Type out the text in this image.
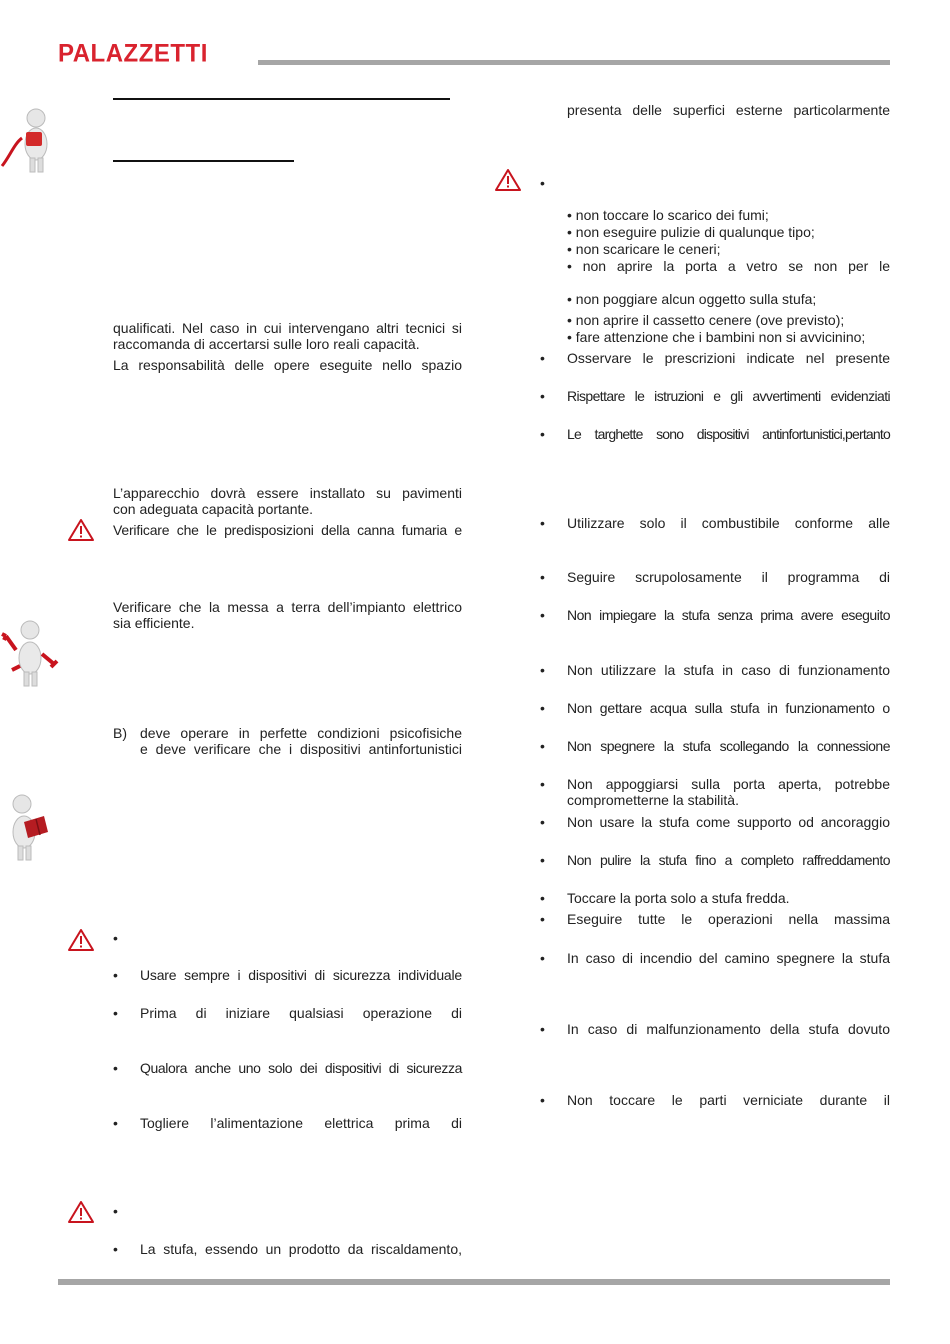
PALAZZETTI
qualificati. Nel caso in cui intervengano altri tecnici si
raccomanda di accertarsi sulle loro reali capacità.
La responsabilità delle opere eseguite nello spazio
L’apparecchio dovrà essere installato su pavimenti
con adeguata capacità portante.
Verificare che le predisposizioni della canna fumaria e
Verificare che la messa a terra dell’impianto elettrico
sia efficiente.
B) deve operare in perfette condizioni psicofisiche
e deve verificare che i dispositivi antinfortunistici
•
•	Usare sempre i dispositivi di sicurezza individuale
•	Prima di iniziare qualsiasi operazione di
•	Qualora anche uno solo dei dispositivi di sicurezza
•	Togliere l’alimentazione elettrica prima di
•
•	La stufa, essendo un prodotto da riscaldamento,
presenta delle superfici esterne particolarmente
•
• non toccare lo scarico dei fumi;
• non eseguire pulizie di qualunque tipo;
• non scaricare le ceneri;
• non aprire la porta a vetro se non per le
• non poggiare alcun oggetto sulla stufa;
• non aprire il cassetto cenere (ove previsto);
• fare attenzione che i bambini non si avvicinino;
•	Osservare le prescrizioni indicate nel presente
•	Rispettare le istruzioni e gli avvertimenti evidenziati
•	Le targhette sono dispositivi antinfortunistici,pertanto
•	Utilizzare solo il combustibile conforme alle
•	Seguire scrupolosamente il programma di
•	Non impiegare la stufa senza prima avere eseguito
•	Non utilizzare la stufa in caso di funzionamento
•	Non gettare acqua sulla stufa in funzionamento o
•	Non spegnere la stufa scollegando la connessione
•	Non appoggiarsi sulla porta aperta, potrebbe
comprometterne la stabilità.
•	Non usare la stufa come supporto od ancoraggio
•	Non pulire la stufa fino a completo raffreddamento
•	Toccare la porta solo a stufa fredda.
•	Eseguire tutte le operazioni nella massima
•	In caso di incendio del camino spegnere la stufa
•	In caso di malfunzionamento della stufa dovuto
•	Non toccare le parti verniciate durante il
